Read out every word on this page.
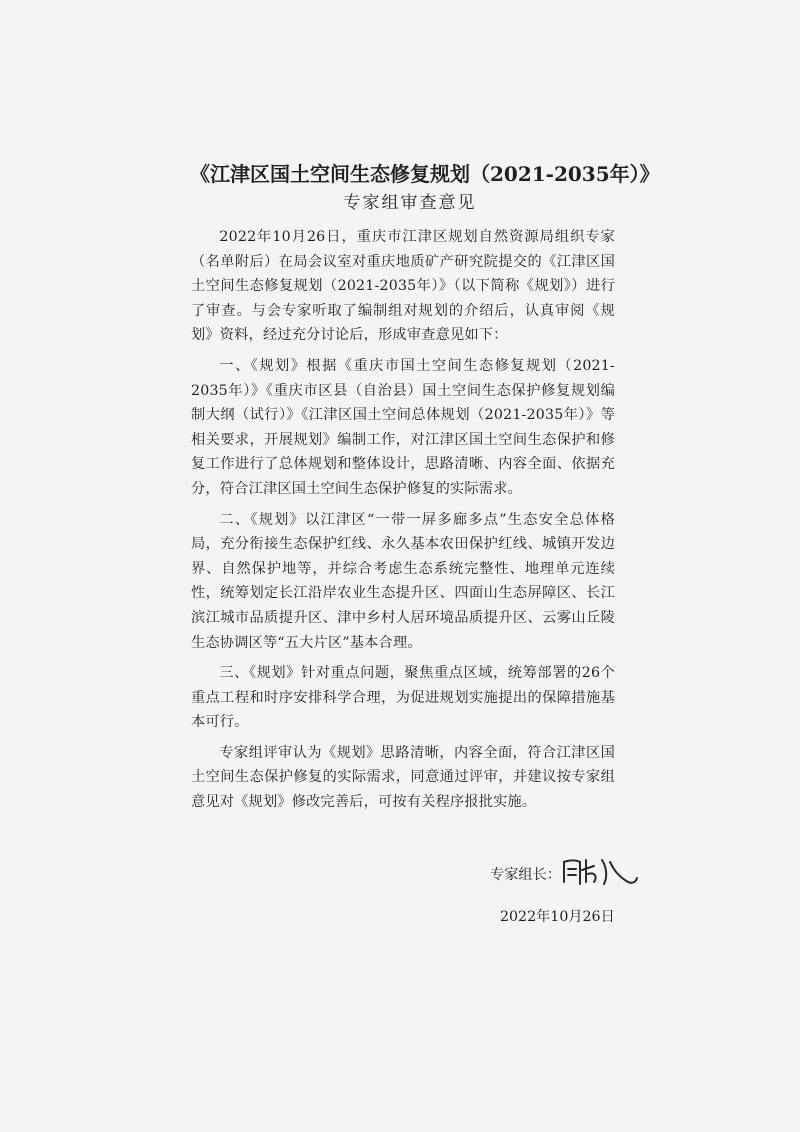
《江津区国土空间生态修复规划（2021-2035年）》
专家组审查意见

2022年10月26日，重庆市江津区规划自然资源局组织专家（名单附后）在局会议室对重庆地质矿产研究院提交的《江津区国土空间生态修复规划（2021-2035年）》（以下简称《规划》）进行了审查。与会专家听取了编制组对规划的介绍后，认真审阅《规划》资料，经过充分讨论后，形成审查意见如下：

一、《规划》根据《重庆市国土空间生态修复规划（2021-2035年）》《重庆市区县（自治县）国土空间生态保护修复规划编制大纲（试行）》《江津区国土空间总体规划（2021-2035年）》等相关要求，开展规划》编制工作，对江津区国土空间生态保护和修复工作进行了总体规划和整体设计，思路清晰、内容全面、依据充分，符合江津区国土空间生态保护修复的实际需求。

二、《规划》以江津区“一带一屏多廊多点”生态安全总体格局，充分衔接生态保护红线、永久基本农田保护红线、城镇开发边界、自然保护地等，并综合考虑生态系统完整性、地理单元连续性，统筹划定长江沿岸农业生态提升区、四面山生态屏障区、长江滨江城市品质提升区、津中乡村人居环境品质提升区、云雾山丘陵生态协调区等“五大片区”基本合理。

三、《规划》针对重点问题，聚焦重点区域，统筹部署的26个重点工程和时序安排科学合理，为促进规划实施提出的保障措施基本可行。

专家组评审认为《规划》思路清晰，内容全面，符合江津区国土空间生态保护修复的实际需求，同意通过评审，并建议按专家组意见对《规划》修改完善后，可按有关程序报批实施。

专家组长：
2022年10月26日
